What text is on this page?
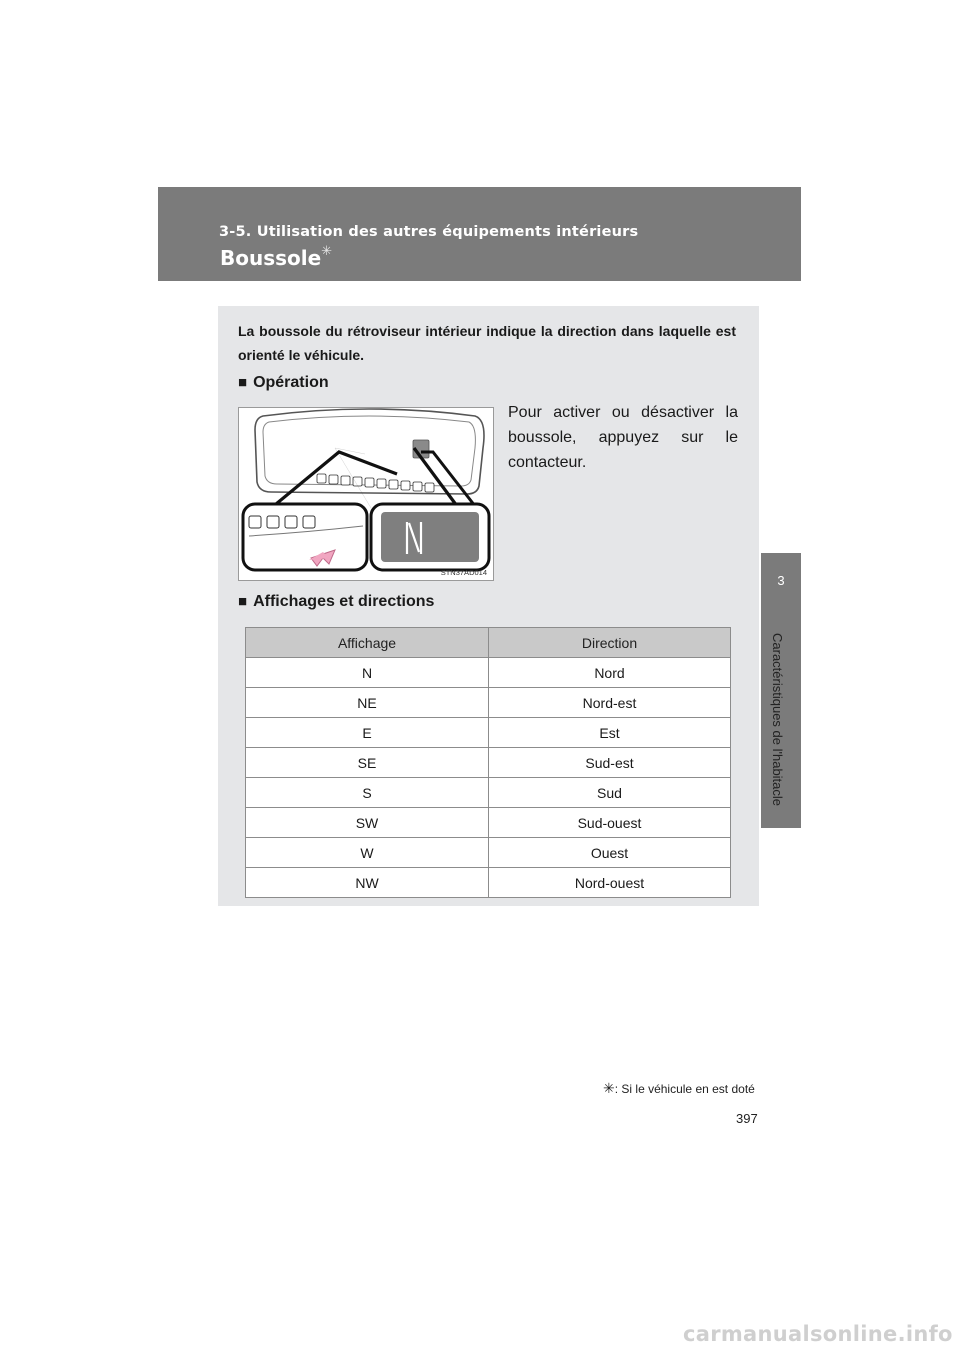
3-5. Utilisation des autres équipements intérieurs
Boussole✳
3
Caractéristiques de l'habitacle
La boussole du rétroviseur intérieur indique la direction dans laquelle est orienté le véhicule.
■ Opération
STN37AD014
Pour activer ou désactiver la boussole, appuyez sur le contacteur.
■ Affichages et directions
Affichage	Direction
N	Nord
NE	Nord-est
E	Est
SE	Sud-est
S	Sud
SW	Sud-ouest
W	Ouest
NW	Nord-ouest
✳: Si le véhicule en est doté
397
carmanualsonline.info
